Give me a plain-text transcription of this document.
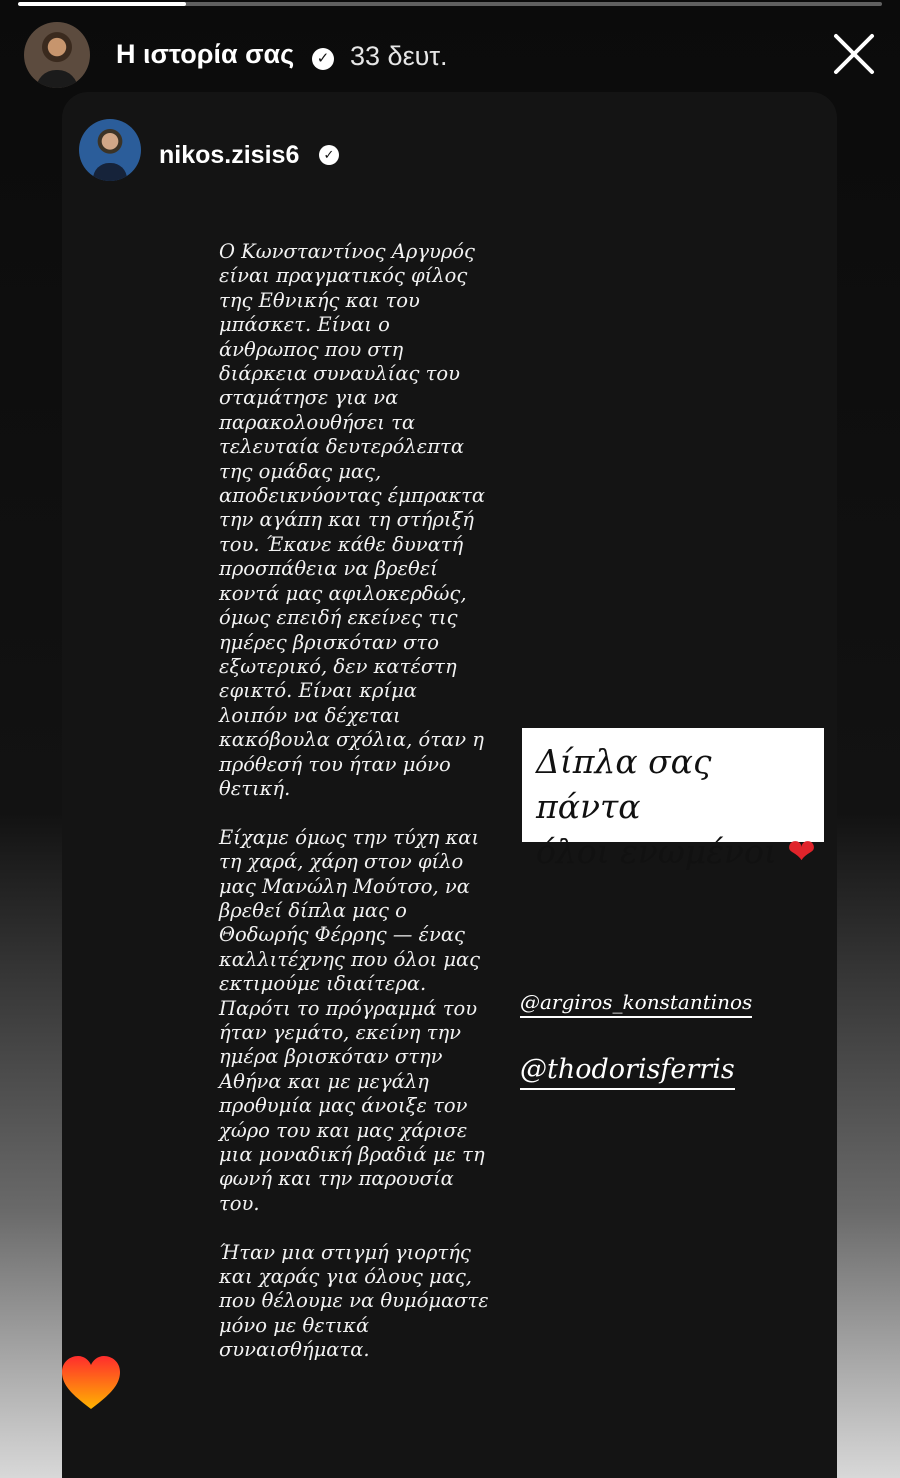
Η ιστορία σας	✓ 33 δευτ.
nikos.zisis6	✓

Ο Κωνσταντίνος Αργυρός είναι πραγματικός φίλος της Εθνικής και του μπάσκετ. Είναι ο άνθρωπος που στη διάρκεια συναυλίας του σταμάτησε για να παρακολουθήσει τα τελευταία δευτερόλεπτα της ομάδας μας, αποδεικνύοντας έμπρακτα την αγάπη και τη στήριξή του. Έκανε κάθε δυνατή προσπάθεια να βρεθεί κοντά μας αφιλοκερδώς, όμως επειδή εκείνες τις ημέρες βρισκόταν στο εξωτερικό, δεν κατέστη εφικτό. Είναι κρίμα λοιπόν να δέχεται κακόβουλα σχόλια, όταν η πρόθεσή του ήταν μόνο θετική.

Είχαμε όμως την τύχη και τη χαρά, χάρη στον φίλο μας Μανώλη Μούτσο, να βρεθεί δίπλα μας ο Θοδωρής Φέρρης — ένας καλλιτέχνης που όλοι μας εκτιμούμε ιδιαίτερα. Παρότι το πρόγραμμά του ήταν γεμάτο, εκείνη την ημέρα βρισκόταν στην Αθήνα και με μεγάλη προθυμία μας άνοιξε τον χώρο του και μας χάρισε μια μοναδική βραδιά με τη φωνή και την παρουσία του.

Ήταν μια στιγμή γιορτής και χαράς για όλους μας, που θέλουμε να θυμόμαστε μόνο με θετικά συναισθήματα.

Δίπλα σας πάντα
όλοι ενωμένοι ❤
@argiros_konstantinos
@thodorisferris
